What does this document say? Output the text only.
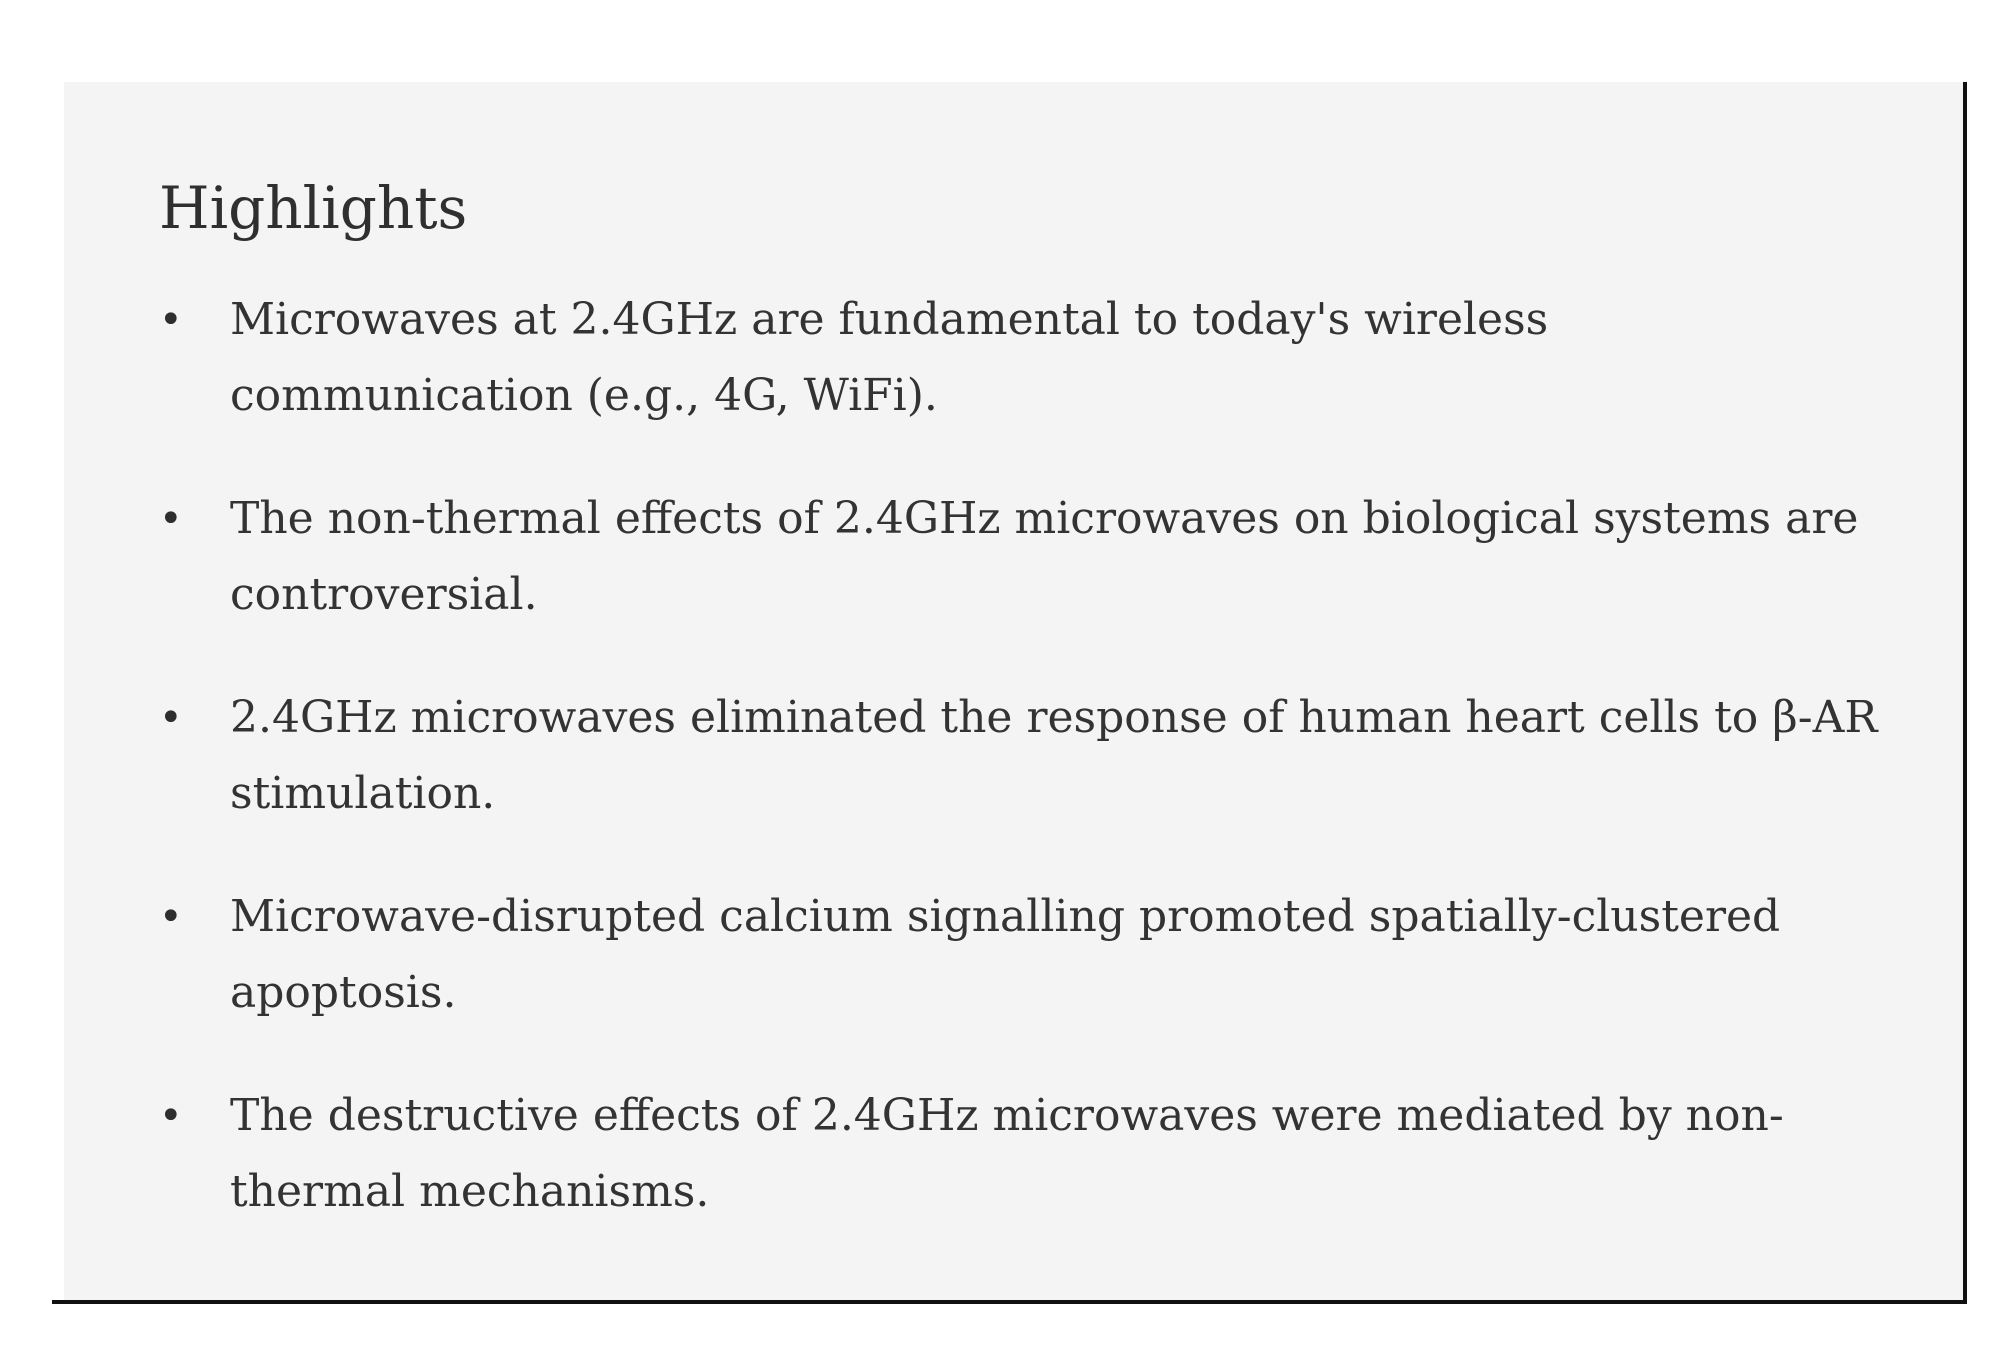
Highlights
• Microwaves at 2.4GHz are fundamental to today's wireless communication (e.g., 4G, WiFi).
• The non-thermal effects of 2.4GHz microwaves on biological systems are controversial.
• 2.4GHz microwaves eliminated the response of human heart cells to β-AR stimulation.
• Microwave-disrupted calcium signalling promoted spatially-clustered apoptosis.
• The destructive effects of 2.4GHz microwaves were mediated by non-thermal mechanisms.
